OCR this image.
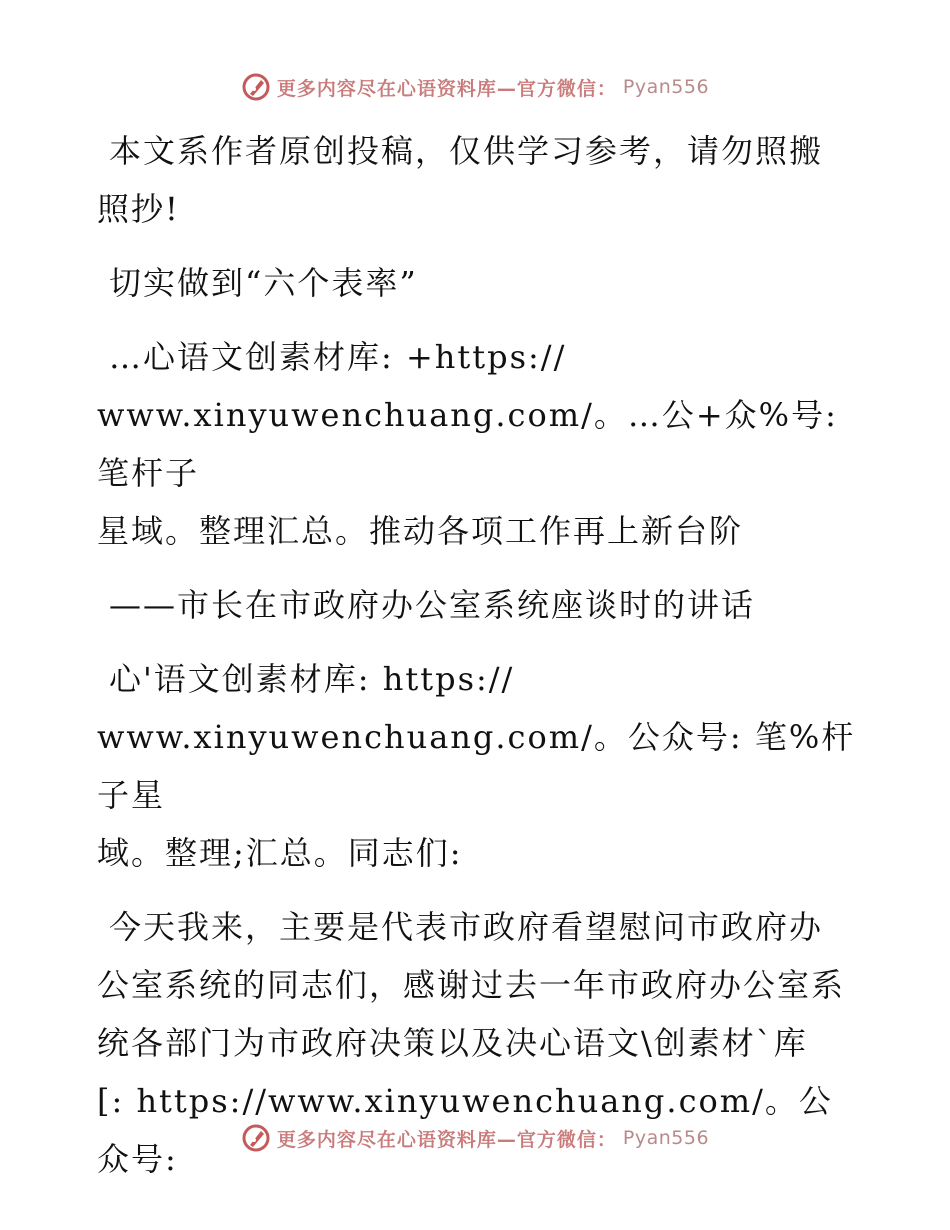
更多内容尽在心语资料库—官方微信： Pyan556

本文系作者原创投稿，仅供学习参考，请勿照搬
照抄!

切实做到“六个表率”

…心语文创素材库: +https://
www.xinyuwenchuang.com/。…公+众%号: 笔杆子
星域。整理汇总。推动各项工作再上新台阶

——市长在市政府办公室系统座谈时的讲话

心'语文创素材库: https://
www.xinyuwenchuang.com/。公众号: 笔%杆子星
域。整理;汇总。同志们:

今天我来，主要是代表市政府看望慰问市政府办
公室系统的同志们，感谢过去一年市政府办公室系
统各部门为市政府决策以及决心语文\创素材`库
[: https://www.xinyuwenchuang.com/。公众号:

更多内容尽在心语资料库—官方微信： Pyan556
